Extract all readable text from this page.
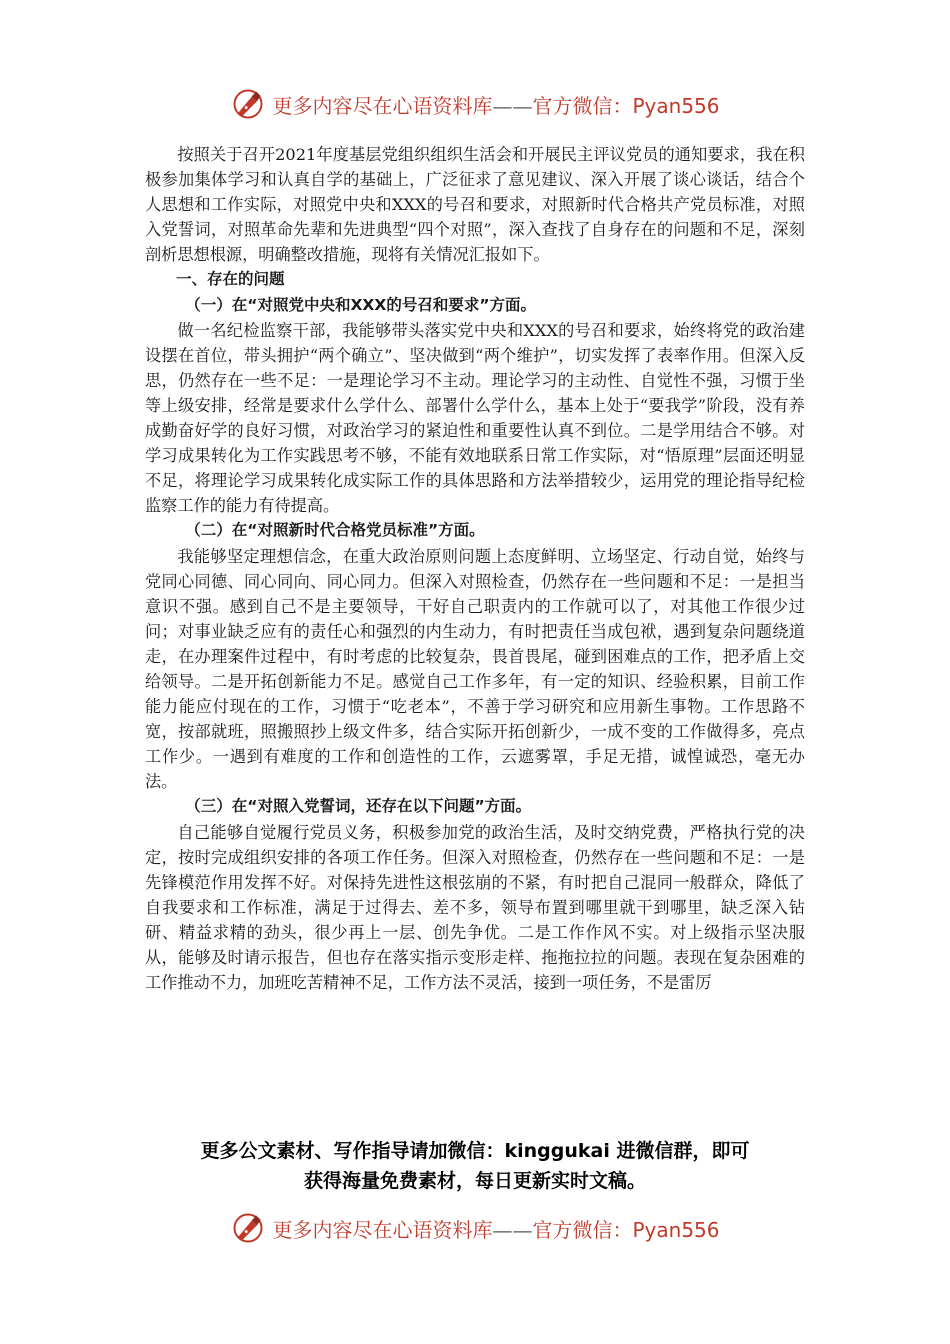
更多内容尽在心语资料库——官方微信：Pyan556

按照关于召开2021年度基层党组织组织生活会和开展民主评议党员的通知要求，我在积极参加集体学习和认真自学的基础上，广泛征求了意见建议、深入开展了谈心谈话，结合个人思想和工作实际，对照党中央和XXX的号召和要求，对照新时代合格共产党员标准，对照入党誓词，对照革命先辈和先进典型“四个对照”，深入查找了自身存在的问题和不足，深刻剖析思想根源，明确整改措施，现将有关情况汇报如下。

一、存在的问题

（一）在“对照党中央和XXX的号召和要求”方面。

做一名纪检监察干部，我能够带头落实党中央和XXX的号召和要求，始终将党的政治建设摆在首位，带头拥护“两个确立”、坚决做到“两个维护”，切实发挥了表率作用。但深入反思，仍然存在一些不足：一是理论学习不主动。理论学习的主动性、自觉性不强，习惯于坐等上级安排，经常是要求什么学什么、部署什么学什么，基本上处于“要我学”阶段，没有养成勤奋好学的良好习惯，对政治学习的紧迫性和重要性认真不到位。二是学用结合不够。对学习成果转化为工作实践思考不够，不能有效地联系日常工作实际，对“悟原理”层面还明显不足，将理论学习成果转化成实际工作的具体思路和方法举措较少，运用党的理论指导纪检监察工作的能力有待提高。

（二）在“对照新时代合格党员标准”方面。

我能够坚定理想信念，在重大政治原则问题上态度鲜明、立场坚定、行动自觉，始终与党同心同德、同心同向、同心同力。但深入对照检查，仍然存在一些问题和不足：一是担当意识不强。感到自己不是主要领导，干好自己职责内的工作就可以了，对其他工作很少过问；对事业缺乏应有的责任心和强烈的内生动力，有时把责任当成包袱，遇到复杂问题绕道走，在办理案件过程中，有时考虑的比较复杂，畏首畏尾，碰到困难点的工作，把矛盾上交给领导。二是开拓创新能力不足。感觉自己工作多年，有一定的知识、经验积累，目前工作能力能应付现在的工作，习惯于“吃老本”，不善于学习研究和应用新生事物。工作思路不宽，按部就班，照搬照抄上级文件多，结合实际开拓创新少，一成不变的工作做得多，亮点工作少。一遇到有难度的工作和创造性的工作，云遮雾罩，手足无措，诚惶诚恐，毫无办法。

（三）在“对照入党誓词，还存在以下问题”方面。

自己能够自觉履行党员义务，积极参加党的政治生活，及时交纳党费，严格执行党的决定，按时完成组织安排的各项工作任务。但深入对照检查，仍然存在一些问题和不足：一是先锋模范作用发挥不好。对保持先进性这根弦崩的不紧，有时把自己混同一般群众，降低了自我要求和工作标准，满足于过得去、差不多，领导布置到哪里就干到哪里，缺乏深入钻研、精益求精的劲头，很少再上一层、创先争优。二是工作作风不实。对上级指示坚决服从，能够及时请示报告，但也存在落实指示变形走样、拖拖拉拉的问题。表现在复杂困难的工作推动不力，加班吃苦精神不足，工作方法不灵活，接到一项任务，不是雷厉

更多公文素材、写作指导请加微信：kinggukai 进微信群，即可
获得海量免费素材，每日更新实时文稿。
更多内容尽在心语资料库——官方微信：Pyan556
